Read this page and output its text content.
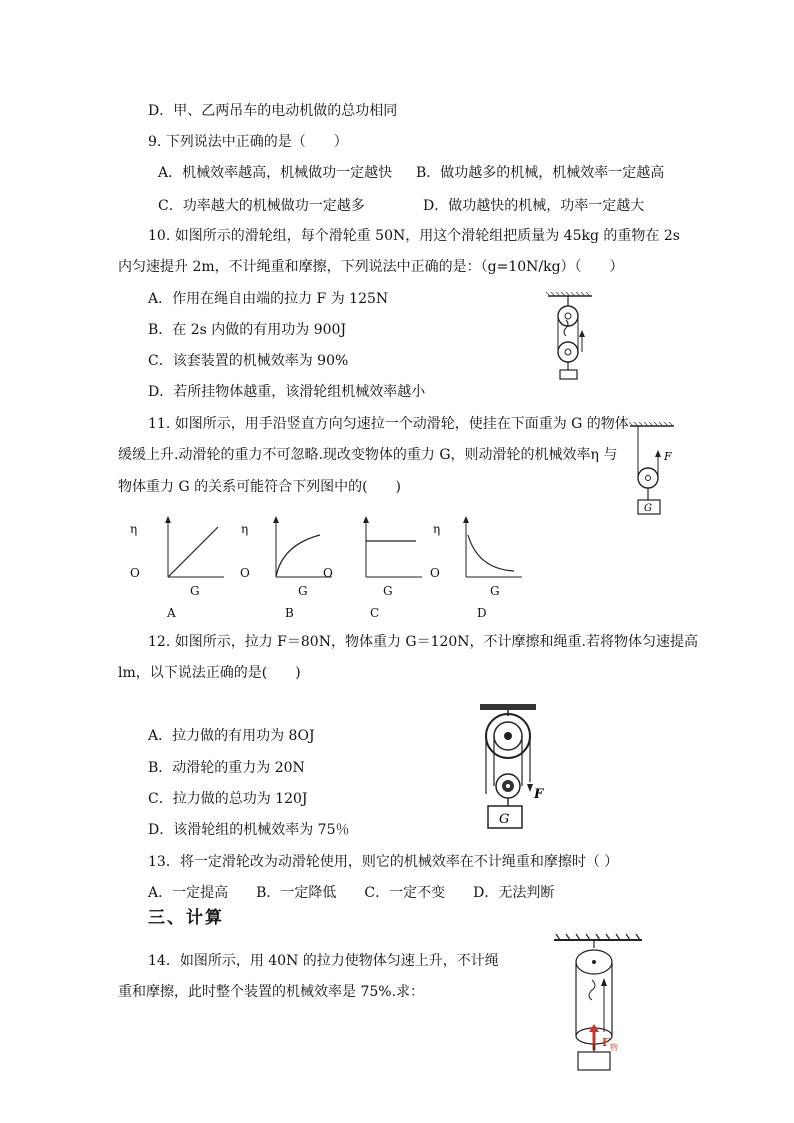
D．甲、乙两吊车的电动机做的总功相同
9. 下列说法中正确的是（　　）
A．机械效率越高，机械做功一定越快 B．做功越多的机械，机械效率一定越高
C．功率越大的机械做功一定越多	D．做功越快的机械，功率一定越大
10. 如图所示的滑轮组，每个滑轮重 50N，用这个滑轮组把质量为 45kg 的重物在 2s
内匀速提升 2m，不计绳重和摩擦，下列说法中正确的是：（g=10N/kg）（　　）
A．作用在绳自由端的拉力 F 为 125N
B．在 2s 内做的有用功为 900J
C．该套装置的机械效率为 90%
D．若所挂物体越重，该滑轮组机械效率越小
11. 如图所示，用手沿竖直方向匀速拉一个动滑轮，使挂在下面重为 G 的物体
缓缓上升.动滑轮的重力不可忽略.现改变物体的重力 G，则动滑轮的机械效率η 与
物体重力 G 的关系可能符合下列图中的(　　)
12. 如图所示，拉力 F＝80N，物体重力 G＝120N，不计摩擦和绳重.若将物体匀速提高
lm，以下说法正确的是(　　)
A．拉力做的有用功为 8OJ
B．动滑轮的重力为 20N
C．拉力做的总功为 120J
D．该滑轮组的机械效率为 75％
13．将一定滑轮改为动滑轮使用，则它的机械效率在不计绳重和摩擦时（ ）
A．一定提高　　B．一定降低　　C．一定不变　　D．无法判断
三、计算
14．如图所示，用 40N 的拉力使物体匀速上升，不计绳
重和摩擦，此时整个装置的机械效率是 75%.求：
F
G
η
O
G
A
η
O
G
B
O
G
C
η
O
G
D
F
G
F 物
